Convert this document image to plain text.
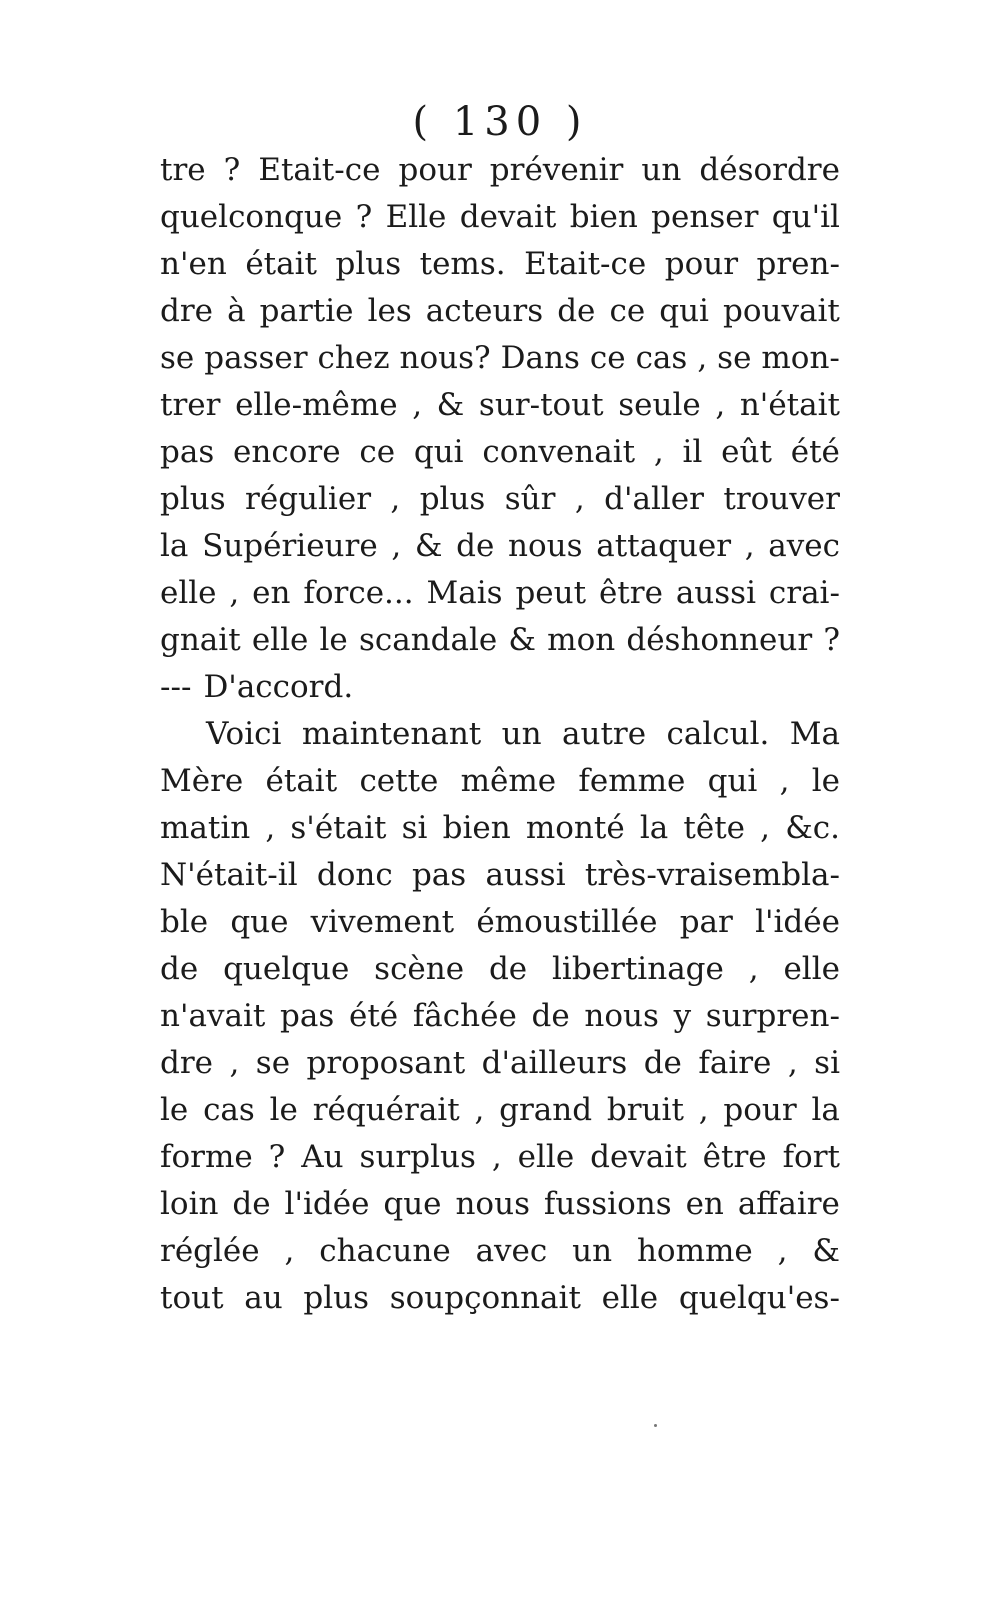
( 130 )
tre ? Etait-ce pour prévenir un désordre
quelconque ? Elle devait bien penser qu'il
n'en était plus tems. Etait-ce pour pren-
dre à partie les acteurs de ce qui pouvait
se passer chez nous? Dans ce cas , se mon-
trer elle-même , & sur-tout seule , n'était
pas encore ce qui convenait , il eût été
plus régulier , plus sûr , d'aller trouver
la Supérieure , & de nous attaquer , avec
elle , en force... Mais peut être aussi crai-
gnait elle le scandale & mon déshonneur ?
--- D'accord.
Voici maintenant un autre calcul. Ma
Mère était cette même femme qui , le
matin , s'était si bien monté la tête , &c.
N'était-il donc pas aussi très-vraisembla-
ble que vivement émoustillée par l'idée
de quelque scène de libertinage , elle
n'avait pas été fâchée de nous y surpren-
dre , se proposant d'ailleurs de faire , si
le cas le réquérait , grand bruit , pour la
forme ? Au surplus , elle devait être fort
loin de l'idée que nous fussions en affaire
réglée , chacune avec un homme , &
tout au plus soupçonnait elle quelqu'es-
